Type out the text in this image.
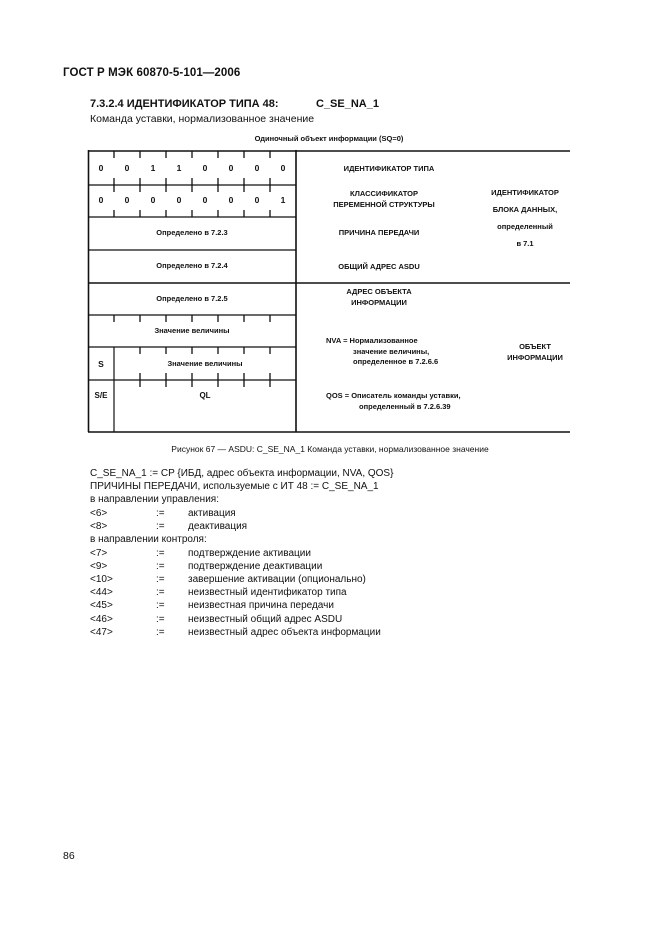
ГОСТ Р МЭК 60870-5-101—2006
7.3.2.4 ИДЕНТИФИКАТОР ТИПА 48:	C_SE_NA_1
Команда уставки, нормализованное значение
Одиночный объект информации (SQ=0)
0	0	1	1	0	0	0	0
0	0	0	0	0	0	0	1
Определено в 7.2.3
Определено в 7.2.4
Определено в 7.2.5
Значение величины
S	Значение величины
S/E	QL
ИДЕНТИФИКАТОР ТИПА
КЛАССИФИКАТОР
ПЕРЕМЕННОЙ СТРУКТУРЫ
ПРИЧИНА ПЕРЕДАЧИ
ОБЩИЙ АДРЕС ASDU
ИДЕНТИФИКАТОР
БЛОКА ДАННЫХ,
определенный
в 7.1
АДРЕС ОБЪЕКТА
ИНФОРМАЦИИ
NVA = Нормализованное
значение величины,
определенное в 7.2.6.6
QOS = Описатель команды уставки,
определенный в 7.2.6.39
ОБЪЕКТ
ИНФОРМАЦИИ
Рисунок 67 — ASDU: C_SE_NA_1 Команда уставки, нормализованное значение
C_SE_NA_1 := CP {ИБД, адрес объекта информации, NVA, QOS}
ПРИЧИНЫ ПЕРЕДАЧИ, используемые с ИТ 48 := C_SE_NA_1
в направлении управления:
<6>	:= активация
<8>	:= деактивация
в направлении контроля:
<7>	:= подтверждение активации
<9>	:= подтверждение деактивации
<10>	:= завершение активации (опционально)
<44>	:= неизвестный идентификатор типа
<45>	:= неизвестная причина передачи
<46>	:= неизвестный общий адрес ASDU
<47>	:= неизвестный адрес объекта информации
86
